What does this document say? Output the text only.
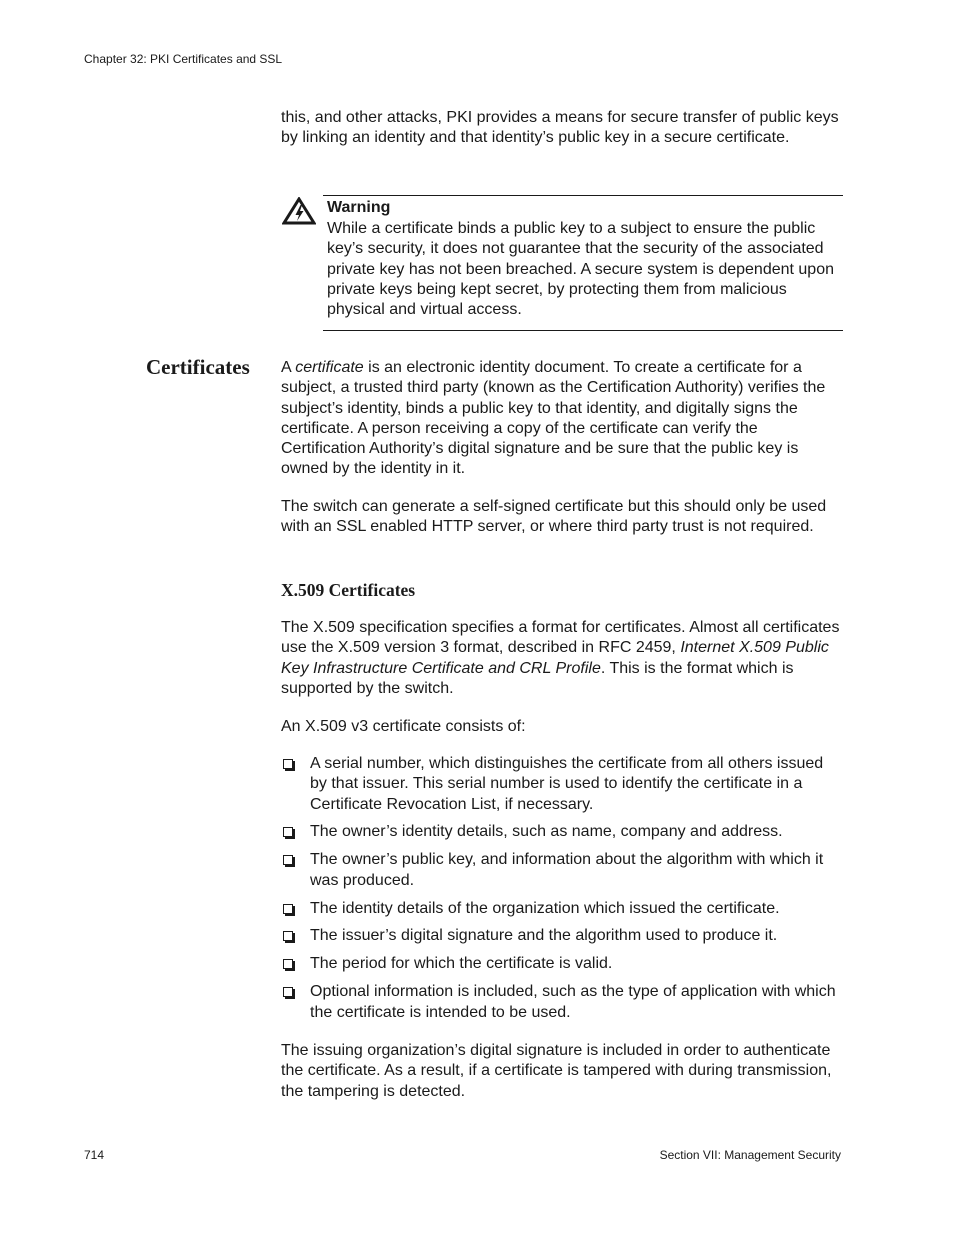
Chapter 32: PKI Certificates and SSL

this, and other attacks, PKI provides a means for secure transfer of public keys by linking an identity and that identity’s public key in a secure certificate.

Warning

While a certificate binds a public key to a subject to ensure the public key’s security, it does not guarantee that the security of the associated private key has not been breached. A secure system is dependent upon private keys being kept secret, by protecting them from malicious physical and virtual access.

Certificates A certificate is an electronic identity document. To create a certificate for a subject, a trusted third party (known as the Certification Authority) verifies the subject’s identity, binds a public key to that identity, and digitally signs the certificate. A person receiving a copy of the certificate can verify the Certification Authority’s digital signature and be sure that the public key is owned by the identity in it.

The switch can generate a self-signed certificate but this should only be used with an SSL enabled HTTP server, or where third party trust is not required.

X.509 Certificates

The X.509 specification specifies a format for certificates. Almost all certificates use the X.509 version 3 format, described in RFC 2459, Internet X.509 Public Key Infrastructure Certificate and CRL Profile. This is the format which is supported by the switch.

An X.509 v3 certificate consists of:

A serial number, which distinguishes the certificate from all others issued by that issuer. This serial number is used to identify the certificate in a Certificate Revocation List, if necessary.
The owner’s identity details, such as name, company and address.
The owner’s public key, and information about the algorithm with which it was produced.
The identity details of the organization which issued the certificate.
The issuer’s digital signature and the algorithm used to produce it.
The period for which the certificate is valid.
Optional information is included, such as the type of application with which the certificate is intended to be used.

The issuing organization’s digital signature is included in order to authenticate the certificate. As a result, if a certificate is tampered with during transmission, the tampering is detected.

714	Section VII: Management Security
